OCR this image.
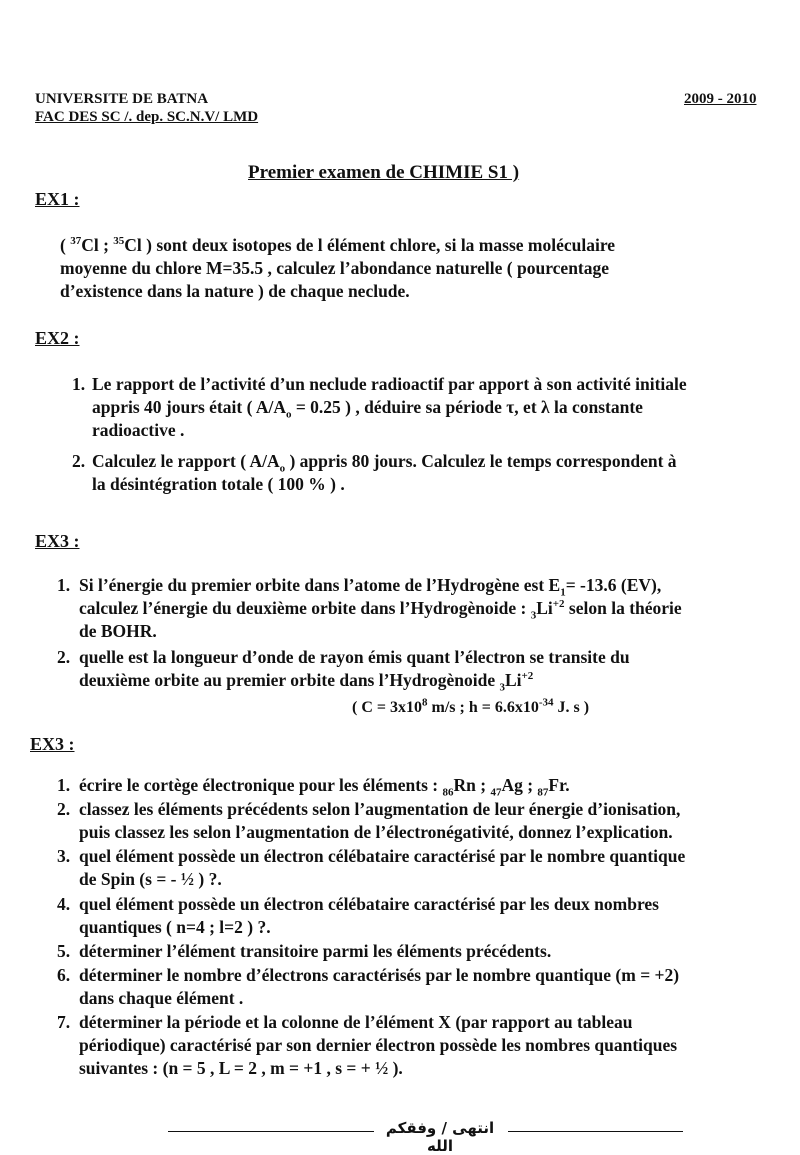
UNIVERSITE DE BATNA
FAC DES SC /. dep. SC.N.V/ LMD
2009 - 2010
Premier examen de CHIMIE S1 )
EX1 :
( $^{37}$Cl ; $^{35}$Cl ) sont deux isotopes de l élément chlore, si la masse moléculaire
moyenne du chlore M=35.5 , calculez l’abondance naturelle ( pourcentage
d’existence dans la nature ) de chaque neclude.
EX2 :
1. Le rapport de l’activité d’un neclude radioactif par apport à son activité initiale
appris 40 jours était ( $A/A_o = 0.25$ ) , déduire sa période τ, et λ la constante
radioactive .
2. Calculez le rapport ( $A/A_o$ ) appris 80 jours. Calculez le temps correspondent à
la désintégration totale ( 100 % ) .
EX3 :
1. Si l’énergie du premier orbite dans l’atome de l’Hydrogène est $E_1= -13.6$ (EV),
calculez l’énergie du deuxième orbite dans l’Hydrogènoide : $_3Li^{+2}$ selon la théorie
de BOHR.
2. quelle est la longueur d’onde de rayon émis quant l’électron se transite du
deuxième orbite au premier orbite dans l’Hydrogènoide $_3Li^{+2}$
( $C = 3x10^8$ m/s ; $h = 6.6x10^{-34}$ J. s )
EX3 :
1. écrire le cortège électronique pour les éléments : $_{86}$Rn ; $_{47}$Ag ; $_{87}$Fr.
2. classez les éléments précédents selon l’augmentation de leur énergie d’ionisation,
puis classez les selon l’augmentation de l’électronégativité, donnez l’explication.
3. quel élément possède un électron célébataire caractérisé par le nombre quantique
de Spin (s = - ½ ) ?.
4. quel élément possède un électron célébataire caractérisé par les deux nombres
quantiques ( n=4 ; l=2 ) ?.
5. déterminer l’élément transitoire parmi les éléments précédents.
6. déterminer le nombre d’électrons caractérisés par le nombre quantique (m = +2)
dans chaque élément .
7. déterminer la période et la colonne de l’élément X (par rapport au tableau
périodique) caractérisé par son dernier électron possède les nombres quantiques
suivantes : (n = 5 , L = 2 , m = +1 , s = + ½ ).
انتهى / وفقكم الله
